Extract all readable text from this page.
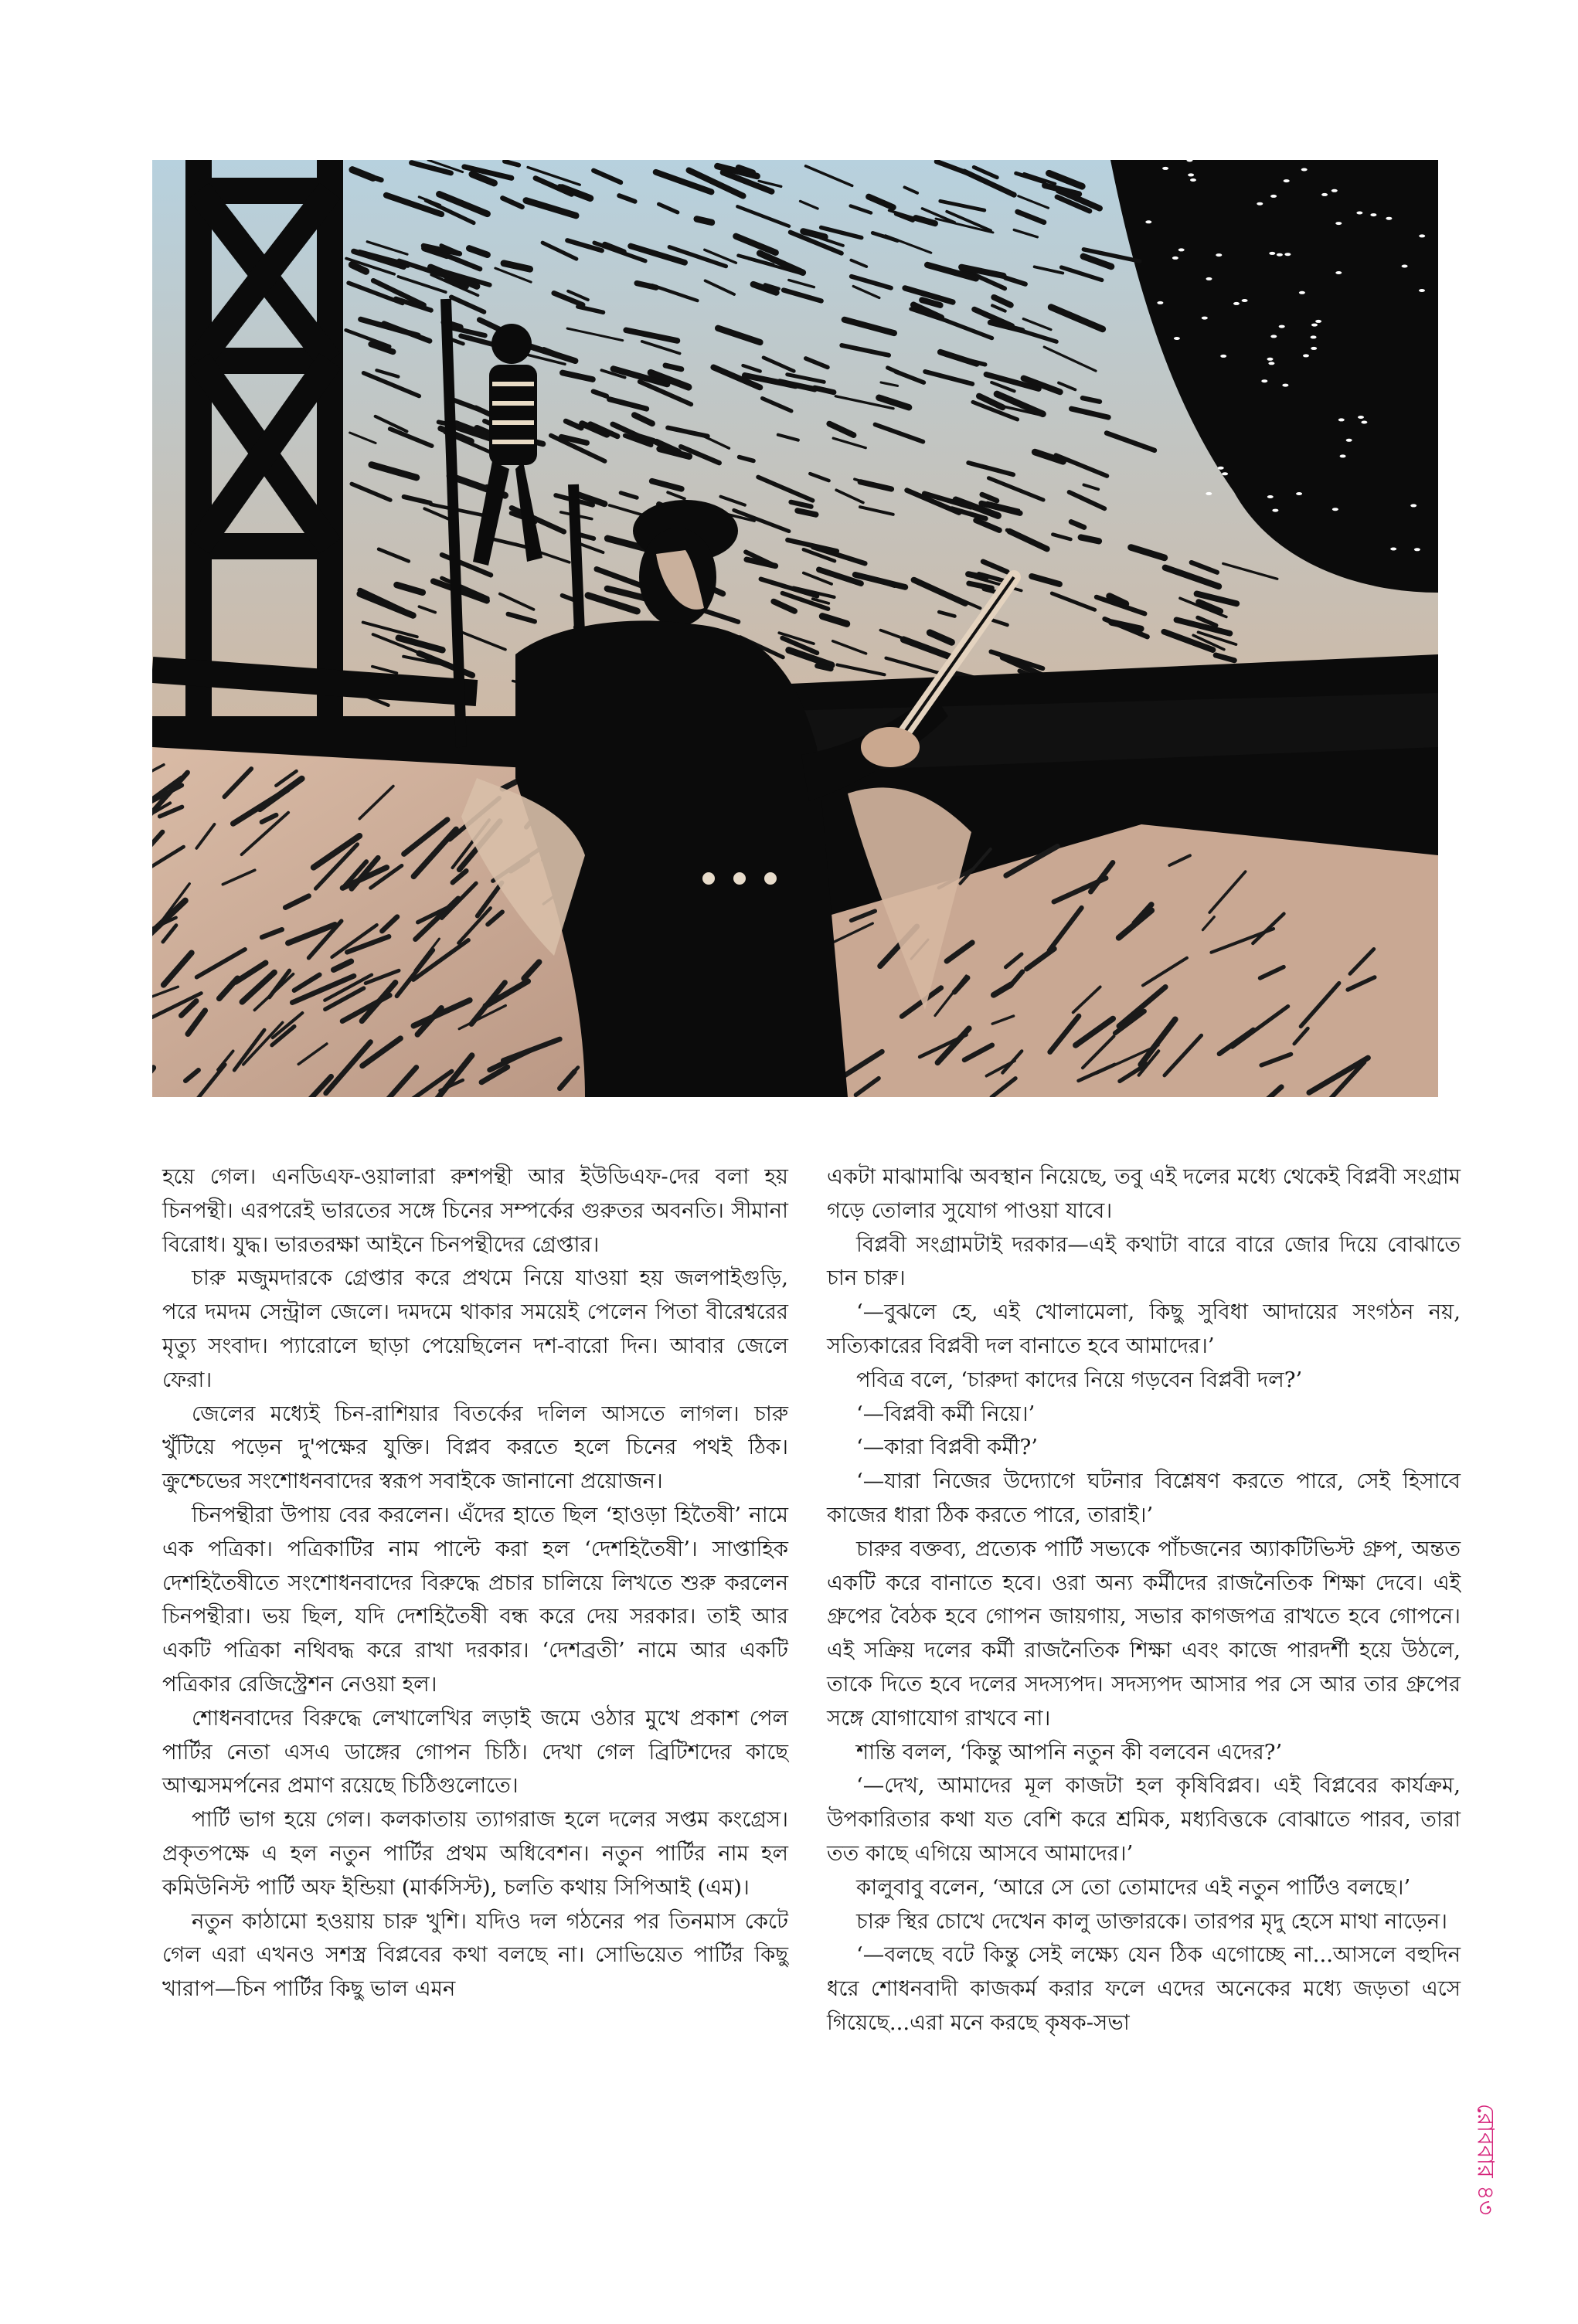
হয়ে গেল। এনডিএফ-ওয়ালারা রুশপন্থী আর ইউডিএফ-দের বলা হয় চিনপন্থী। এরপরেই ভারতের সঙ্গে চিনের সম্পর্কের গুরুতর অবনতি। সীমানা বিরোধ। যুদ্ধ। ভারতরক্ষা আইনে চিনপন্থীদের গ্রেপ্তার।

চারু মজুমদারকে গ্রেপ্তার করে প্রথমে নিয়ে যাওয়া হয় জলপাইগুড়ি, পরে দমদম সেন্ট্রাল জেলে। দমদমে থাকার সময়েই পেলেন পিতা বীরেশ্বরের মৃত্যু সংবাদ। প্যারোলে ছাড়া পেয়েছিলেন দশ-বারো দিন। আবার জেলে ফেরা।

জেলের মধ্যেই চিন-রাশিয়ার বিতর্কের দলিল আসতে লাগল। চারু খুঁটিয়ে পড়েন দু'পক্ষের যুক্তি। বিপ্লব করতে হলে চিনের পথই ঠিক। ক্রুশ্চেভের সংশোধনবাদের স্বরূপ সবাইকে জানানো প্রয়োজন।

চিনপন্থীরা উপায় বের করলেন। এঁদের হাতে ছিল ‘হাওড়া হিতৈষী’ নামে এক পত্রিকা। পত্রিকাটির নাম পাল্টে করা হল ‘দেশহিতৈষী’। সাপ্তাহিক দেশহিতৈষীতে সংশোধনবাদের বিরুদ্ধে প্রচার চালিয়ে লিখতে শুরু করলেন চিনপন্থীরা। ভয় ছিল, যদি দেশহিতৈষী বন্ধ করে দেয় সরকার। তাই আর একটি পত্রিকা নথিবদ্ধ করে রাখা দরকার। ‘দেশব্রতী’ নামে আর একটি পত্রিকার রেজিস্ট্রেশন নেওয়া হল।

শোধনবাদের বিরুদ্ধে লেখালেখির লড়াই জমে ওঠার মুখে প্রকাশ পেল পার্টির নেতা এসএ ডাঙ্গের গোপন চিঠি। দেখা গেল ব্রিটিশদের কাছে আত্মসমর্পনের প্রমাণ রয়েছে চিঠিগুলোতে।

পার্টি ভাগ হয়ে গেল। কলকাতায় ত্যাগরাজ হলে দলের সপ্তম কংগ্রেস। প্রকৃতপক্ষে এ হল নতুন পার্টির প্রথম অধিবেশন। নতুন পার্টির নাম হল কমিউনিস্ট পার্টি অফ ইন্ডিয়া (মার্কসিস্ট), চলতি কথায় সিপিআই (এম)।

নতুন কাঠামো হওয়ায় চারু খুশি। যদিও দল গঠনের পর তিনমাস কেটে গেল এরা এখনও সশস্ত্র বিপ্লবের কথা বলছে না। সোভিয়েত পার্টির কিছু খারাপ—চিন পার্টির কিছু ভাল এমন

একটা মাঝামাঝি অবস্থান নিয়েছে, তবু এই দলের মধ্যে থেকেই বিপ্লবী সংগ্রাম গড়ে তোলার সুযোগ পাওয়া যাবে।

বিপ্লবী সংগ্রামটাই দরকার—এই কথাটা বারে বারে জোর দিয়ে বোঝাতে চান চারু।

‘—বুঝলে হে, এই খোলামেলা, কিছু সুবিধা আদায়ের সংগঠন নয়, সত্যিকারের বিপ্লবী দল বানাতে হবে আমাদের।’

পবিত্র বলে, ‘চারুদা কাদের নিয়ে গড়বেন বিপ্লবী দল?’

‘—বিপ্লবী কর্মী নিয়ে।’

‘—কারা বিপ্লবী কর্মী?’

‘—যারা নিজের উদ্যোগে ঘটনার বিশ্লেষণ করতে পারে, সেই হিসাবে কাজের ধারা ঠিক করতে পারে, তারাই।’

চারুর বক্তব্য, প্রত্যেক পার্টি সভ্যকে পাঁচজনের অ্যাকটিভিস্ট গ্রুপ, অন্তত একটি করে বানাতে হবে। ওরা অন্য কর্মীদের রাজনৈতিক শিক্ষা দেবে। এই গ্রুপের বৈঠক হবে গোপন জায়গায়, সভার কাগজপত্র রাখতে হবে গোপনে। এই সক্রিয় দলের কর্মী রাজনৈতিক শিক্ষা এবং কাজে পারদর্শী হয়ে উঠলে, তাকে দিতে হবে দলের সদস্যপদ। সদস্যপদ আসার পর সে আর তার গ্রুপের সঙ্গে যোগাযোগ রাখবে না।

শান্তি বলল, ‘কিন্তু আপনি নতুন কী বলবেন এদের?’

‘—দেখ, আমাদের মূল কাজটা হল কৃষিবিপ্লব। এই বিপ্লবের কার্যক্রম, উপকারিতার কথা যত বেশি করে শ্রমিক, মধ্যবিত্তকে বোঝাতে পারব, তারা তত কাছে এগিয়ে আসবে আমাদের।’

কালুবাবু বলেন, ‘আরে সে তো তোমাদের এই নতুন পার্টিও বলছে।’

চারু স্থির চোখে দেখেন কালু ডাক্তারকে। তারপর মৃদু হেসে মাথা নাড়েন।

‘—বলছে বটে কিন্তু সেই লক্ষ্যে যেন ঠিক এগোচ্ছে না...আসলে বহুদিন ধরে শোধনবাদী কাজকর্ম করার ফলে এদের অনেকের মধ্যে জড়তা এসে গিয়েছে...এরা মনে করছে কৃষক-সভা

রোববার ৪৩
